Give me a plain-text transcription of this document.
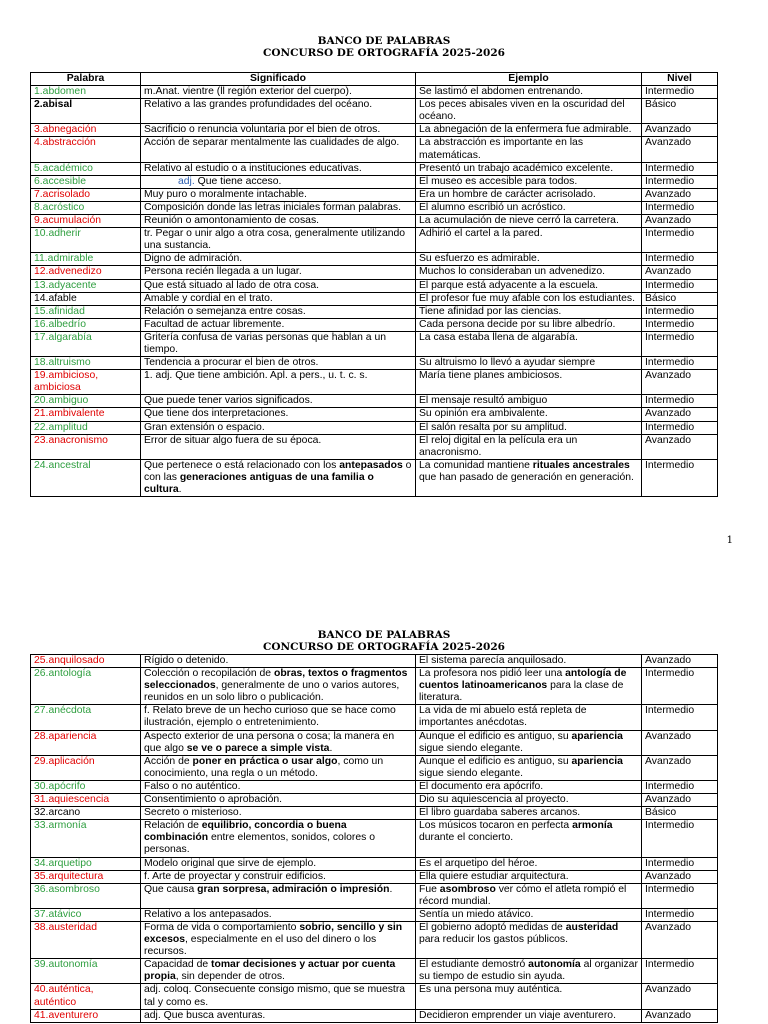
BANCO DE PALABRAS
CONCURSO DE ORTOGRAFÍA 2025-2026
Palabra	Significado	Ejemplo	Nivel
1.abdomen	m.Anat. vientre (ll región exterior del cuerpo).	Se lastimó el abdomen entrenando.	Intermedio
2.abisal	Relativo a las grandes profundidades del océano.	Los peces abisales viven en la oscuridad del océano.	Básico
3.abnegación	Sacrificio o renuncia voluntaria por el bien de otros.	La abnegación de la enfermera fue admirable.	Avanzado
4.abstracción	Acción de separar mentalmente las cualidades de algo.	La abstracción es importante en las matemáticas.	Avanzado
5.académico	Relativo al estudio o a instituciones educativas.	Presentó un trabajo académico excelente.	Intermedio
6.accesible	adj. Que tiene acceso.	El museo es accesible para todos.	Intermedio
7.acrisolado	Muy puro o moralmente intachable.	Era un hombre de carácter acrisolado.	Avanzado
8.acróstico	Composición donde las letras iniciales forman palabras.	El alumno escribió un acróstico.	Intermedio
9.acumulación	Reunión o amontonamiento de cosas.	La acumulación de nieve cerró la carretera.	Avanzado
10.adherir	tr. Pegar o unir algo a otra cosa, generalmente utilizando una sustancia.	Adhirió el cartel a la pared.	Intermedio
11.admirable	Digno de admiración.	Su esfuerzo es admirable.	Intermedio
12.advenedizo	Persona recién llegada a un lugar.	Muchos lo consideraban un advenedizo.	Avanzado
13.adyacente	Que está situado al lado de otra cosa.	El parque está adyacente a la escuela.	Intermedio
14.afable	Amable y cordial en el trato.	El profesor fue muy afable con los estudiantes.	Básico
15.afinidad	Relación o semejanza entre cosas.	Tiene afinidad por las ciencias.	Intermedio
16.albedrío	Facultad de actuar libremente.	Cada persona decide por su libre albedrío.	Intermedio
17.algarabía	Gritería confusa de varias personas que hablan a un tiempo.	La casa estaba llena de algarabía.	Intermedio
18.altruismo	Tendencia a procurar el bien de otros.	Su altruismo lo llevó a ayudar siempre	Intermedio
19.ambicioso, ambiciosa	1. adj. Que tiene ambición. Apl. a pers., u. t. c. s.	María tiene planes ambiciosos.	Avanzado
20.ambiguo	Que puede tener varios significados.	El mensaje resultó ambiguo	Intermedio
21.ambivalente	Que tiene dos interpretaciones.	Su opinión era ambivalente.	Avanzado
22.amplitud	Gran extensión o espacio.	El salón resalta por su amplitud.	Intermedio
23.anacronismo	Error de situar algo fuera de su época.	El reloj digital en la película era un anacronismo.	Avanzado
24.ancestral	Que pertenece o está relacionado con los antepasados o con las generaciones antiguas de una familia o cultura.	La comunidad mantiene rituales ancestrales que han pasado de generación en generación.	Intermedio
1
BANCO DE PALABRAS
CONCURSO DE ORTOGRAFÍA 2025-2026
25.anquilosado	Rígido o detenido.	El sistema parecía anquilosado.	Avanzado
26.antología	Colección o recopilación de obras, textos o fragmentos seleccionados, generalmente de uno o varios autores, reunidos en un solo libro o publicación.	La profesora nos pidió leer una antología de cuentos latinoamericanos para la clase de literatura.	Intermedio
27.anécdota	f. Relato breve de un hecho curioso que se hace como ilustración, ejemplo o entretenimiento.	La vida de mi abuelo está repleta de importantes anécdotas.	Intermedio
28.apariencia	Aspecto exterior de una persona o cosa; la manera en que algo se ve o parece a simple vista.	Aunque el edificio es antiguo, su apariencia sigue siendo elegante.	Avanzado
29.aplicación	Acción de poner en práctica o usar algo, como un conocimiento, una regla o un método.	Aunque el edificio es antiguo, su apariencia sigue siendo elegante.	Avanzado
30.apócrifo	Falso o no auténtico.	El documento era apócrifo.	Intermedio
31.aquiescencia	Consentimiento o aprobación.	Dio su aquiescencia al proyecto.	Avanzado
32.arcano	Secreto o misterioso.	El libro guardaba saberes arcanos.	Básico
33.armonía	Relación de equilibrio, concordia o buena combinación entre elementos, sonidos, colores o personas.	Los músicos tocaron en perfecta armonía durante el concierto.	Intermedio
34.arquetipo	Modelo original que sirve de ejemplo.	Es el arquetipo del héroe.	Intermedio
35.arquitectura	f. Arte de proyectar y construir edificios.	Ella quiere estudiar arquitectura.	Avanzado
36.asombroso	Que causa gran sorpresa, admiración o impresión.	Fue asombroso ver cómo el atleta rompió el récord mundial.	Intermedio
37.atávico	Relativo a los antepasados.	Sentía un miedo atávico.	Intermedio
38.austeridad	Forma de vida o comportamiento sobrio, sencillo y sin excesos, especialmente en el uso del dinero o los recursos.	El gobierno adoptó medidas de austeridad para reducir los gastos públicos.	Avanzado
39.autonomía	Capacidad de tomar decisiones y actuar por cuenta propia, sin depender de otros.	El estudiante demostró autonomía al organizar su tiempo de estudio sin ayuda.	Intermedio
40.auténtica, auténtico	adj. coloq. Consecuente consigo mismo, que se muestra tal y como es.	Es una persona muy auténtica.	Avanzado
41.aventurero	adj. Que busca aventuras.	Decidieron emprender un viaje aventurero.	Avanzado
